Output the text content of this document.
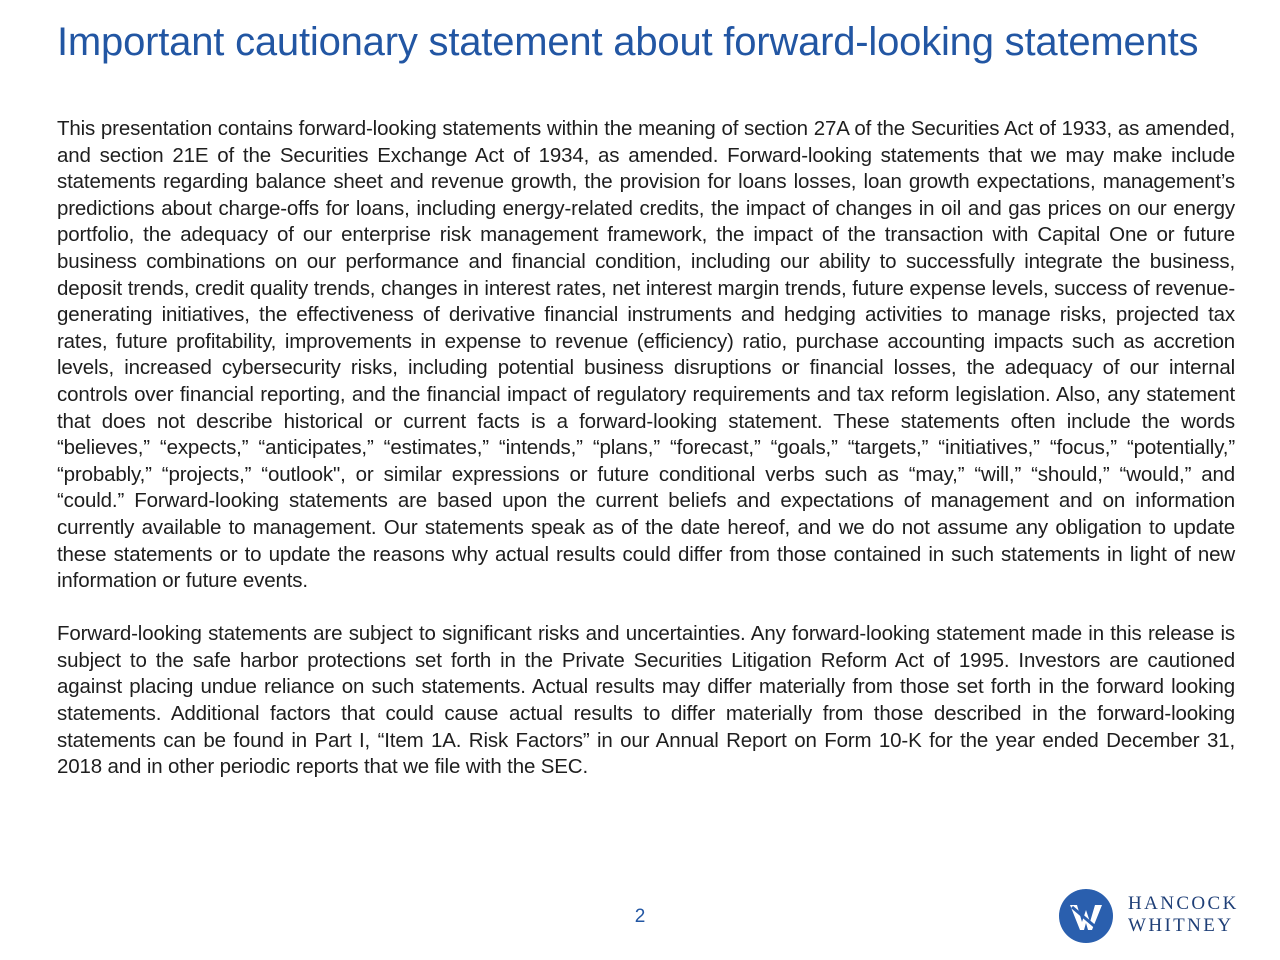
Important cautionary statement about forward-looking statements

This presentation contains forward-looking statements within the meaning of section 27A of the Securities Act of 1933, as amended, and section 21E of the Securities Exchange Act of 1934, as amended. Forward-looking statements that we may make include statements regarding balance sheet and revenue growth, the provision for loans losses, loan growth expectations, management’s predictions about charge-offs for loans, including energy-related credits, the impact of changes in oil and gas prices on our energy portfolio, the adequacy of our enterprise risk management framework, the impact of the transaction with Capital One or future business combinations on our performance and financial condition, including our ability to successfully integrate the business, deposit trends, credit quality trends, changes in interest rates, net interest margin trends, future expense levels, success of revenue-generating initiatives, the effectiveness of derivative financial instruments and hedging activities to manage risks, projected tax rates, future profitability, improvements in expense to revenue (efficiency) ratio, purchase accounting impacts such as accretion levels, increased cybersecurity risks, including potential business disruptions or financial losses, the adequacy of our internal controls over financial reporting, and the financial impact of regulatory requirements and tax reform legislation. Also, any statement that does not describe historical or current facts is a forward-looking statement. These statements often include the words “believes,” “expects,” “anticipates,” “estimates,” “intends,” “plans,” “forecast,” “goals,” “targets,” “initiatives,” “focus,” “potentially,” “probably,” “projects,” “outlook", or similar expressions or future conditional verbs such as “may,” “will,” “should,” “would,” and “could.” Forward-looking statements are based upon the current beliefs and expectations of management and on information currently available to management. Our statements speak as of the date hereof, and we do not assume any obligation to update these statements or to update the reasons why actual results could differ from those contained in such statements in light of new information or future events.

Forward-looking statements are subject to significant risks and uncertainties. Any forward-looking statement made in this release is subject to the safe harbor protections set forth in the Private Securities Litigation Reform Act of 1995. Investors are cautioned against placing undue reliance on such statements. Actual results may differ materially from those set forth in the forward looking statements. Additional factors that could cause actual results to differ materially from those described in the forward-looking statements can be found in Part I, “Item 1A. Risk Factors” in our Annual Report on Form 10-K for the year ended December 31, 2018 and in other periodic reports that we file with the SEC.

2
HANCOCK
WHITNEY
